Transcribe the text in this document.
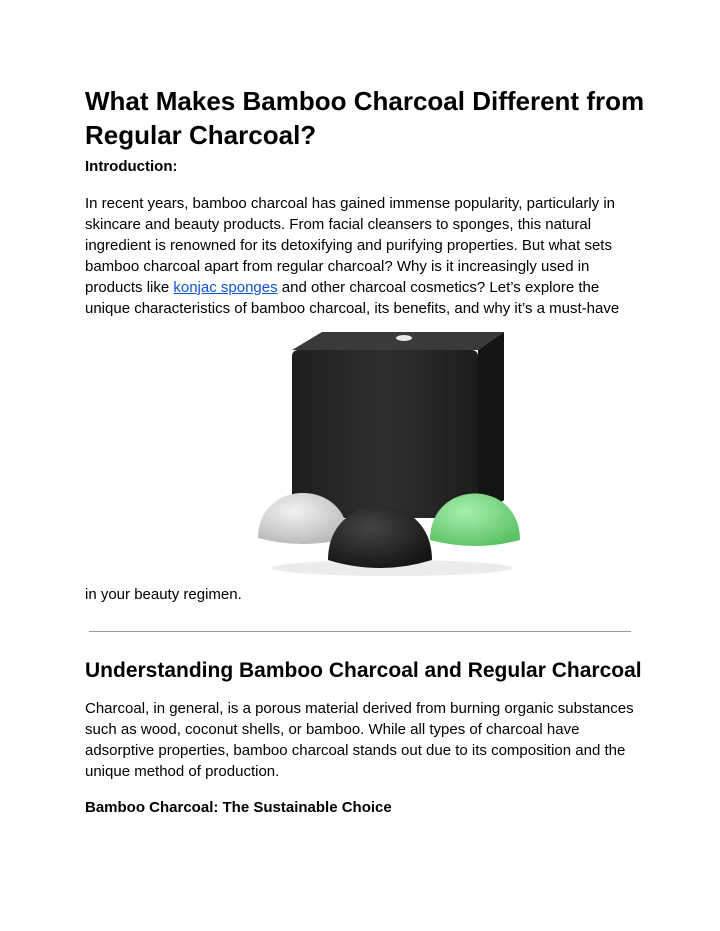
What Makes Bamboo Charcoal Different from Regular Charcoal?

Introduction:

In recent years, bamboo charcoal has gained immense popularity, particularly in skincare and beauty products. From facial cleansers to sponges, this natural ingredient is renowned for its detoxifying and purifying properties. But what sets bamboo charcoal apart from regular charcoal? Why is it increasingly used in products like konjac sponges and other charcoal cosmetics? Let’s explore the unique characteristics of bamboo charcoal, its benefits, and why it’s a must-have

in your beauty regimen.

Understanding Bamboo Charcoal and Regular Charcoal

Charcoal, in general, is a porous material derived from burning organic substances such as wood, coconut shells, or bamboo. While all types of charcoal have adsorptive properties, bamboo charcoal stands out due to its composition and the unique method of production.

Bamboo Charcoal: The Sustainable Choice
